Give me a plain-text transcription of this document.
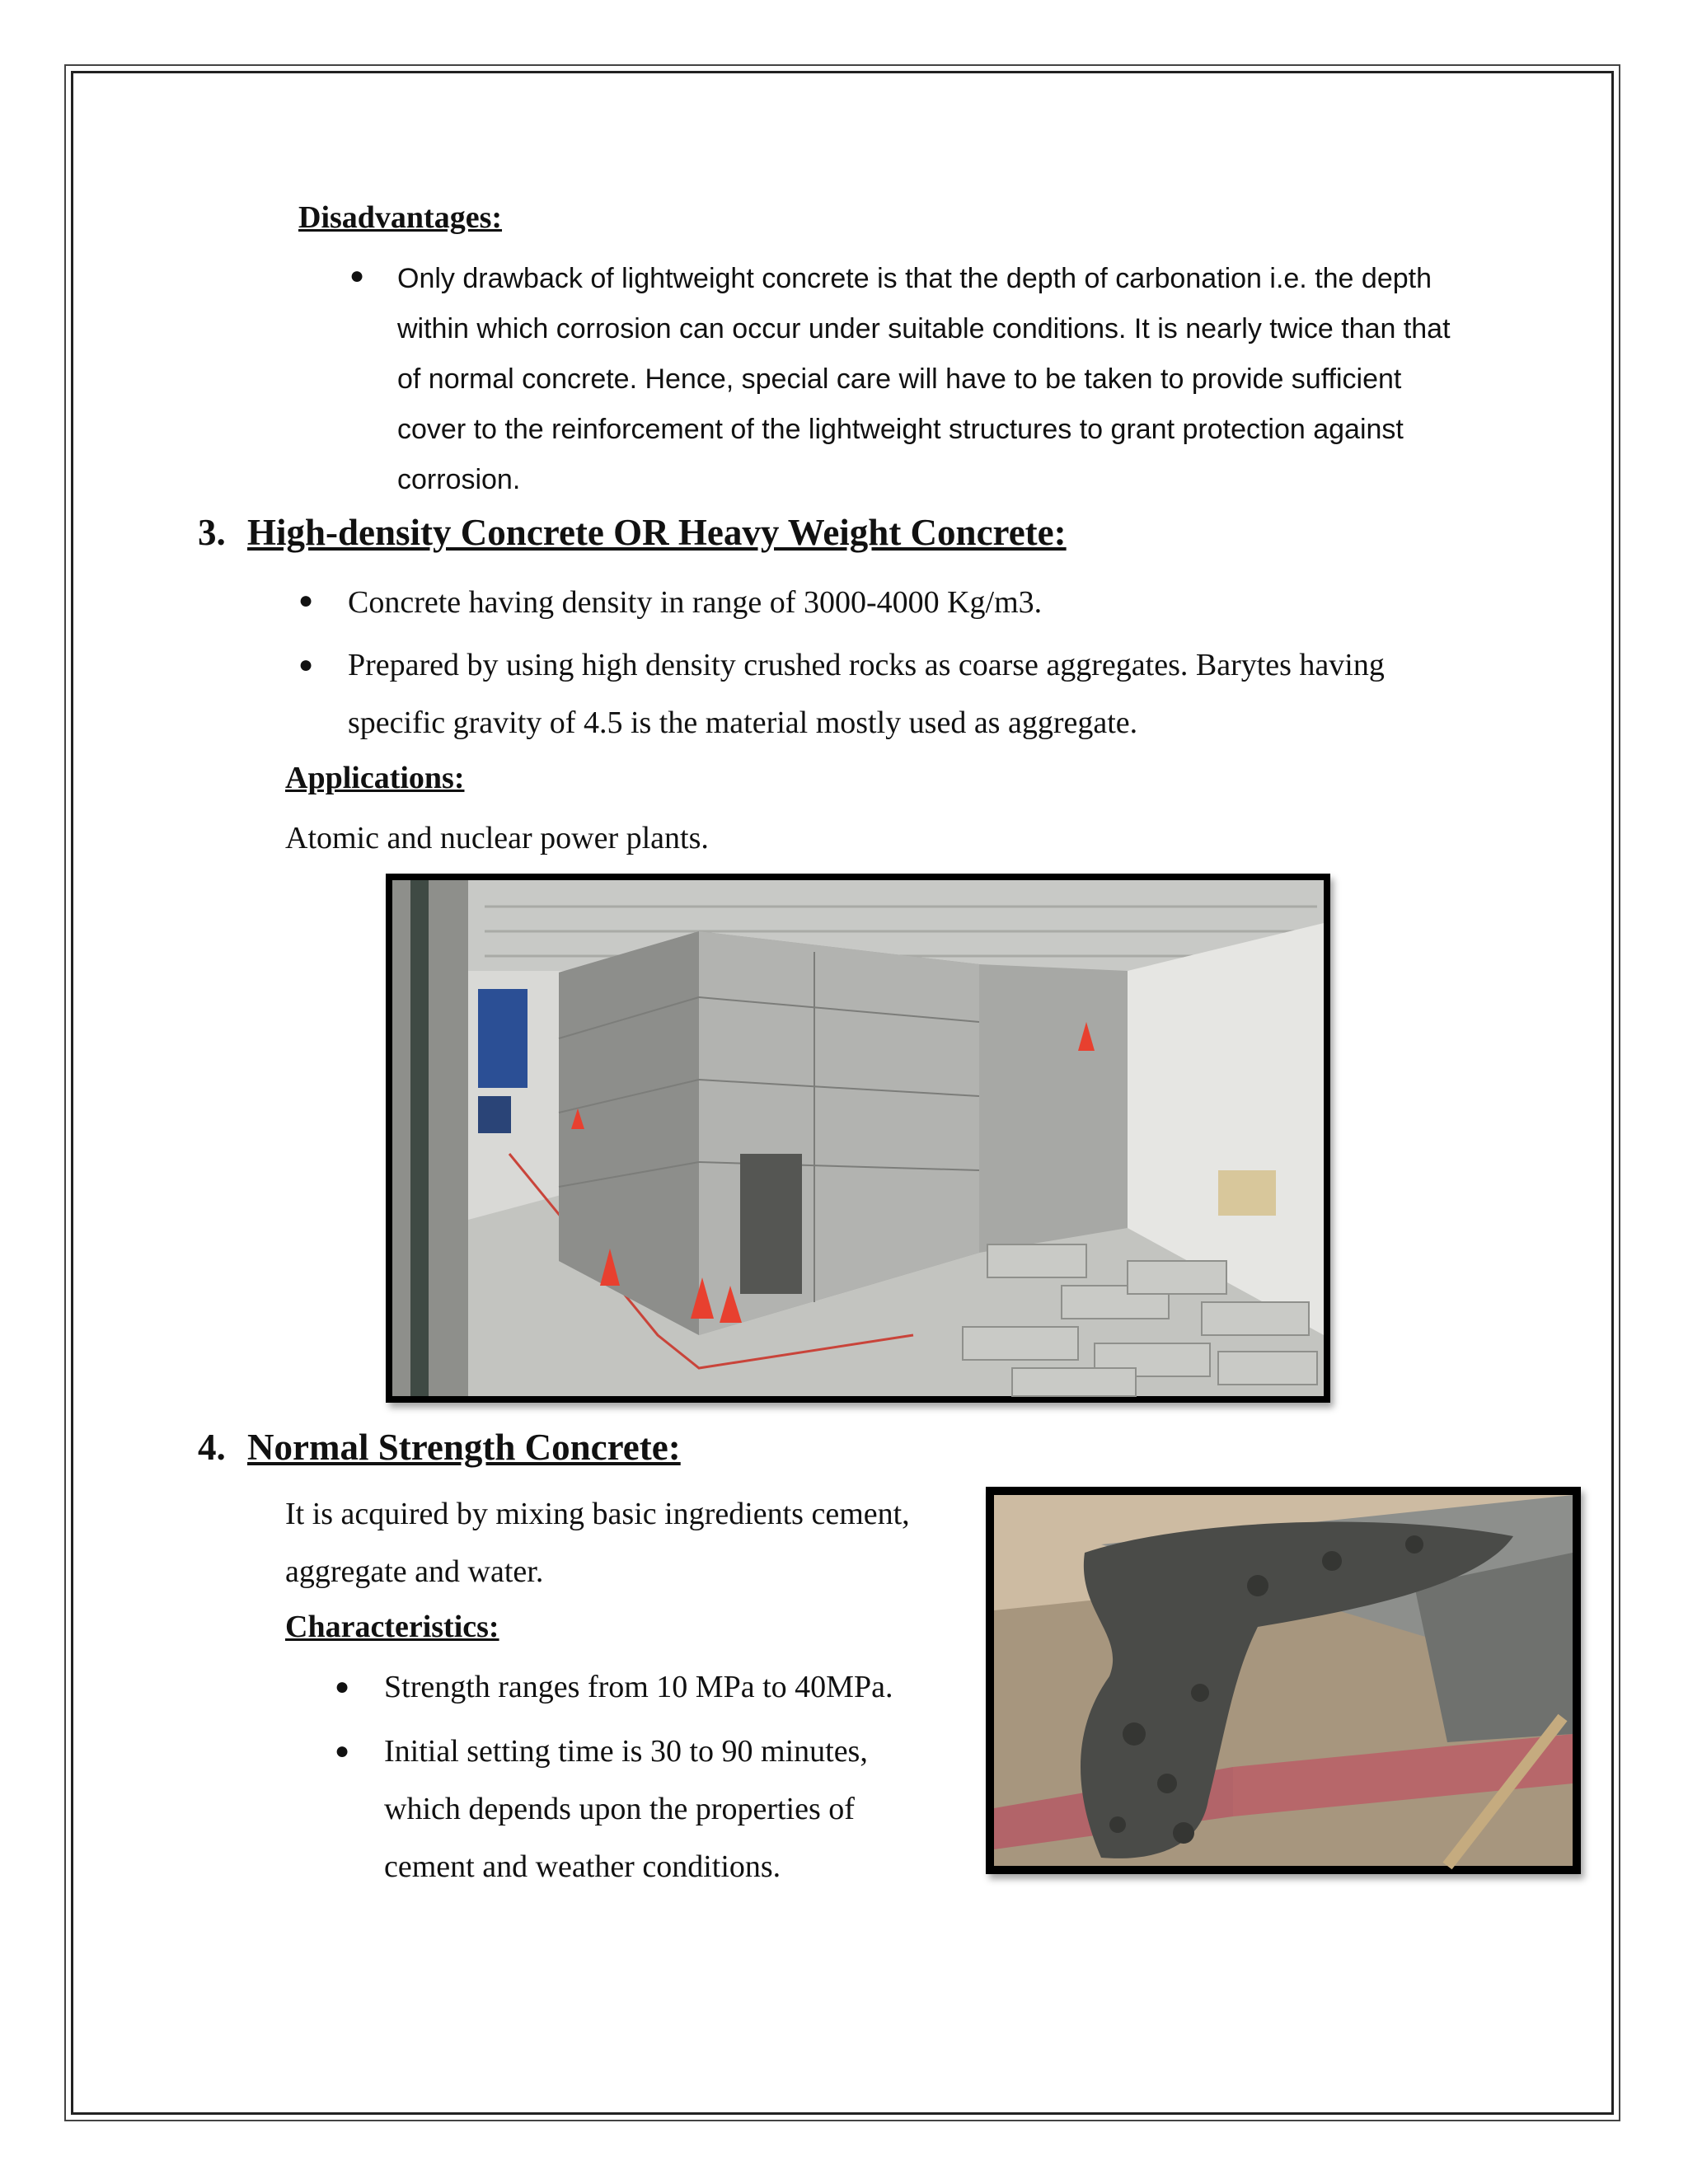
Disadvantages:
● Only drawback of lightweight concrete is that the depth of carbonation i.e. the depth
within which corrosion can occur under suitable conditions. It is nearly twice than that
of normal concrete. Hence, special care will have to be taken to provide sufficient
cover to the reinforcement of the lightweight structures to grant protection against
corrosion.
3. High-density Concrete OR Heavy Weight Concrete:
● Concrete having density in range of 3000-4000 Kg/m3.
● Prepared by using high density crushed rocks as coarse aggregates. Barytes having
specific gravity of 4.5 is the material mostly used as aggregate.
Applications:
Atomic and nuclear power plants.
4. Normal Strength Concrete:
It is acquired by mixing basic ingredients cement,
aggregate and water.
Characteristics:
● Strength ranges from 10 MPa to 40MPa.
● Initial setting time is 30 to 90 minutes,
which depends upon the properties of
cement and weather conditions.
